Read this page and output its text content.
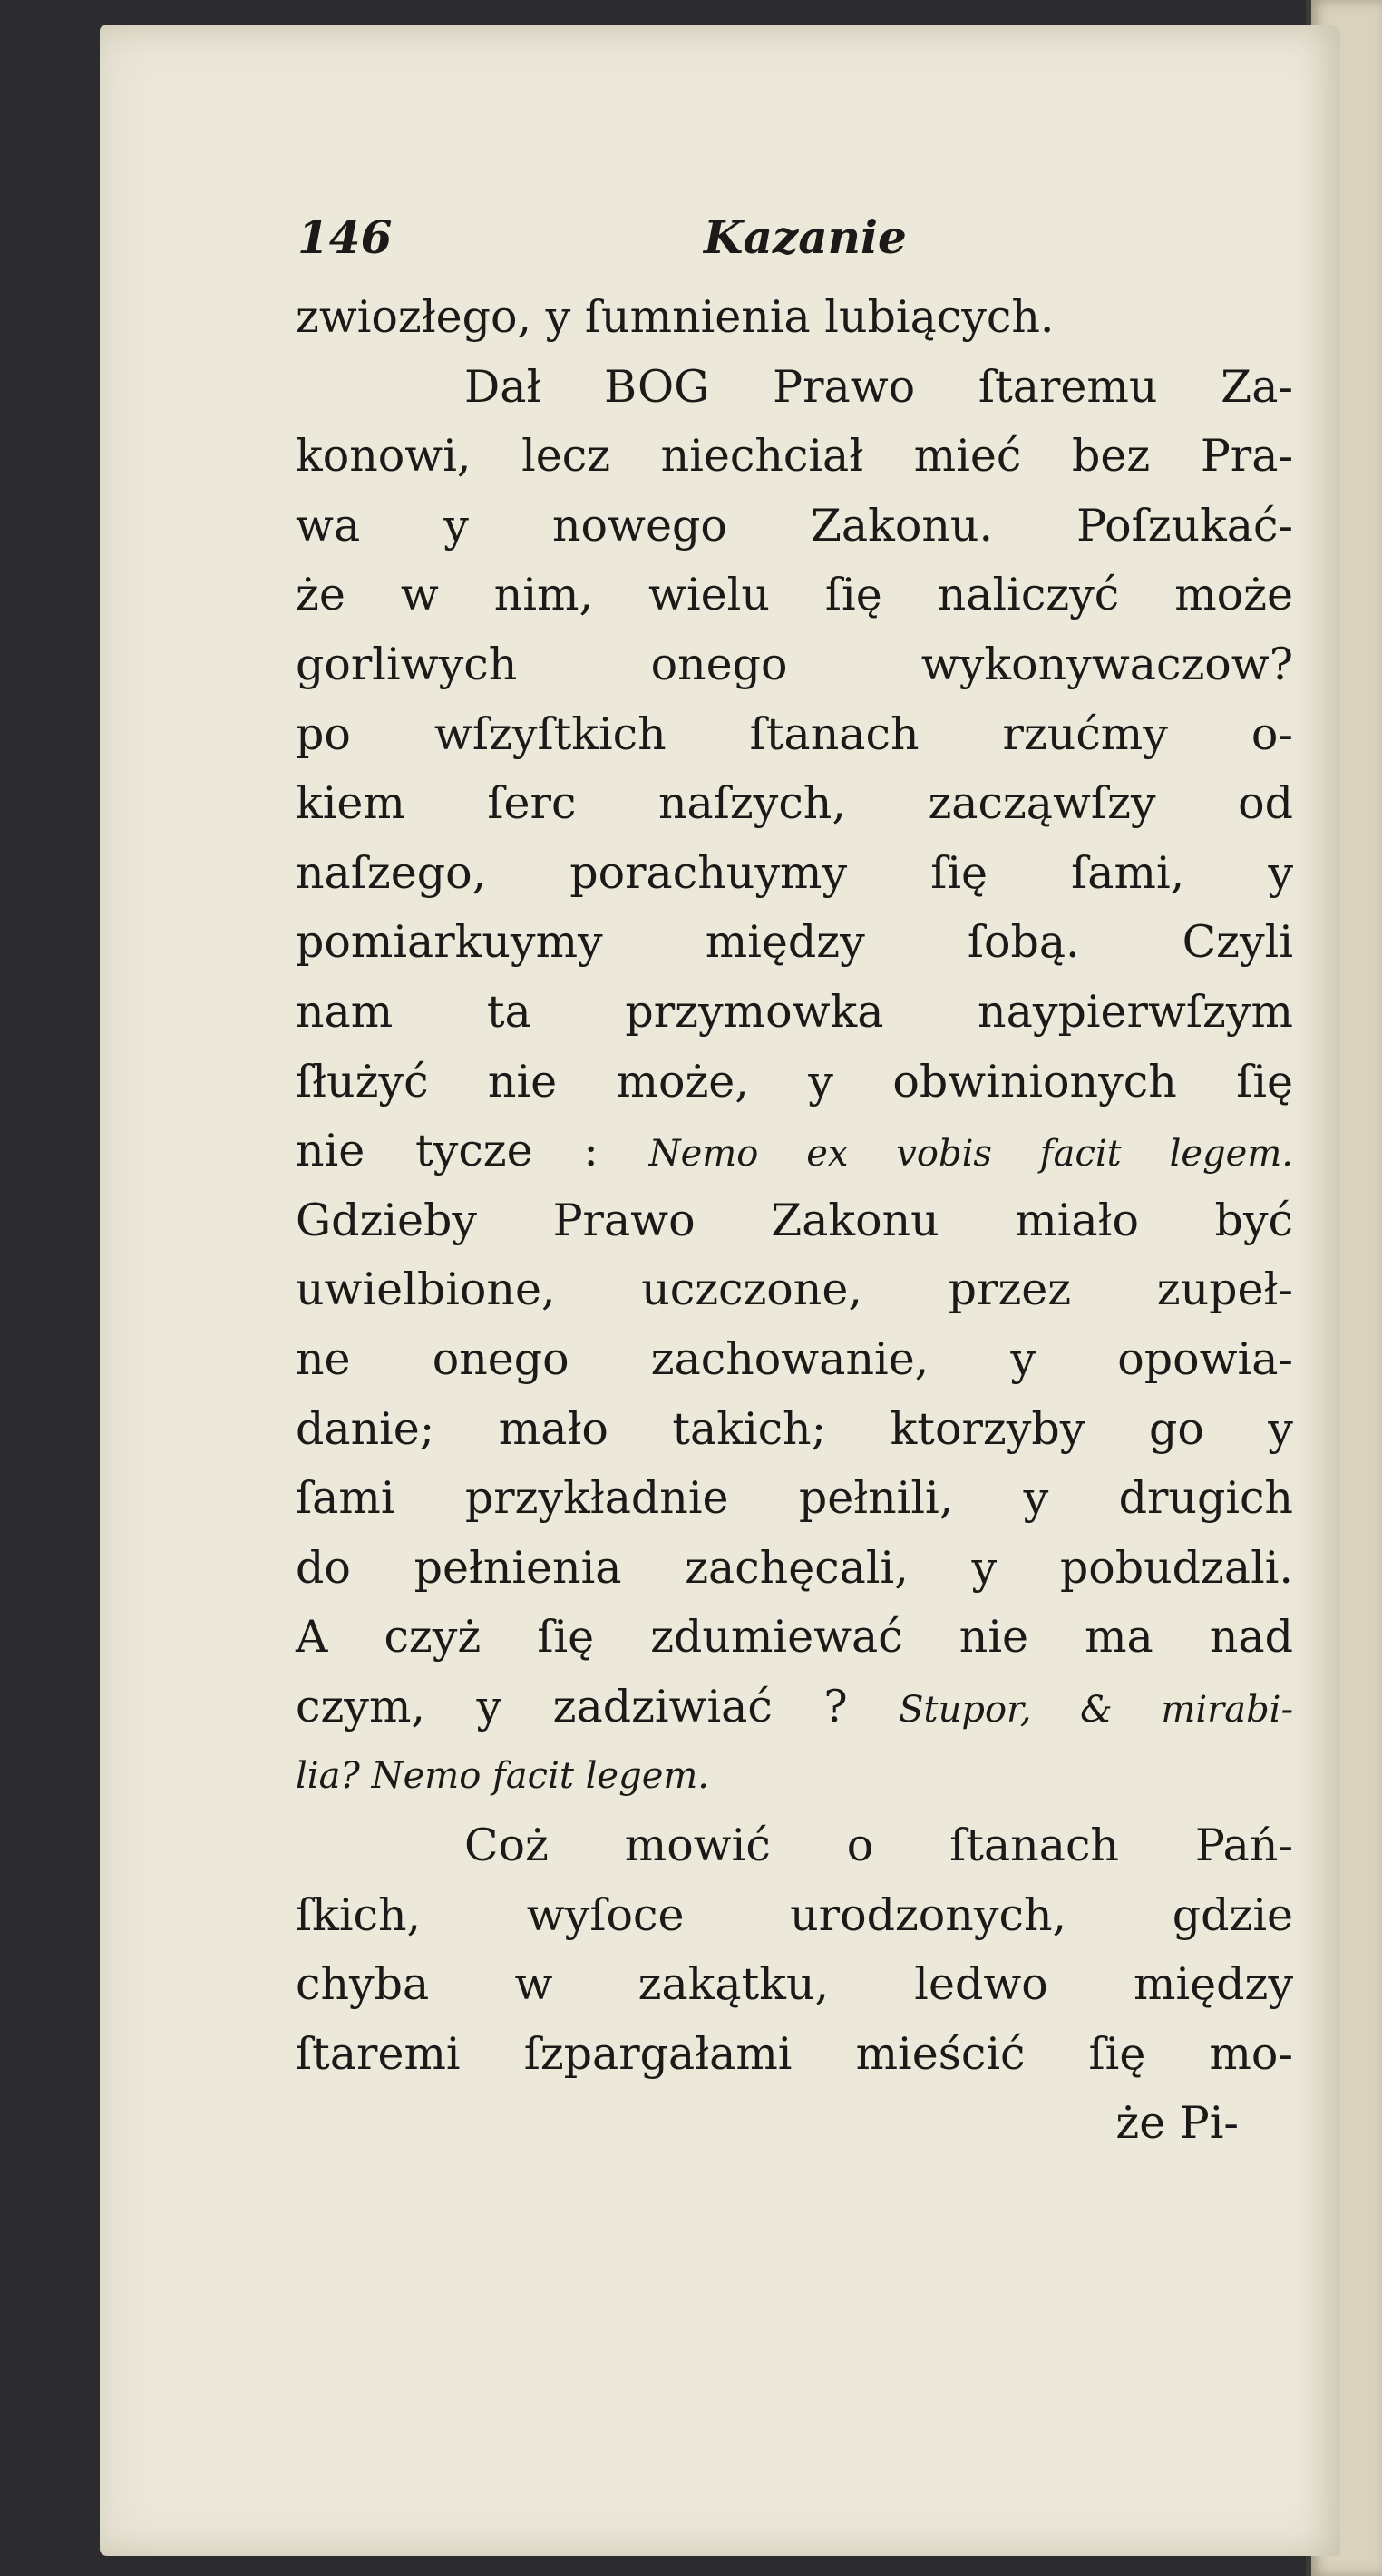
146	Kazanie
zwiozłego, y ſumnienia lubiących.
Dał BOG Prawo ſtaremu Za-
konowi, lecz niechciał mieć bez Pra-
wa y nowego Zakonu. Poſzukać-
że w nim, wielu ſię naliczyć może
gorliwych onego wykonywaczow?
po wſzyſtkich ſtanach rzućmy o-
kiem ſerc naſzych, zacząwſzy od
naſzego, porachuymy ſię ſami, y
pomiarkuymy między ſobą. Czyli
nam ta przymowka naypierwſzym
ſłużyć nie może, y obwinionych ſię
nie tycze : Nemo ex vobis facit legem.
Gdzieby Prawo Zakonu miało być
uwielbione, uczczone, przez zupeł-
ne onego zachowanie, y opowia-
danie; mało takich; ktorzyby go y
ſami przykładnie pełnili, y drugich
do pełnienia zachęcali, y pobudzali.
A czyż ſię zdumiewać nie ma nad
czym, y zadziwiać ? Stupor, & mirabi-
lia? Nemo facit legem.
Coż mowić o ſtanach Pań-
ſkich, wyſoce urodzonych, gdzie
chyba w zakątku, ledwo między
ſtaremi ſzpargałami mieścić ſię mo-
że Pi-
